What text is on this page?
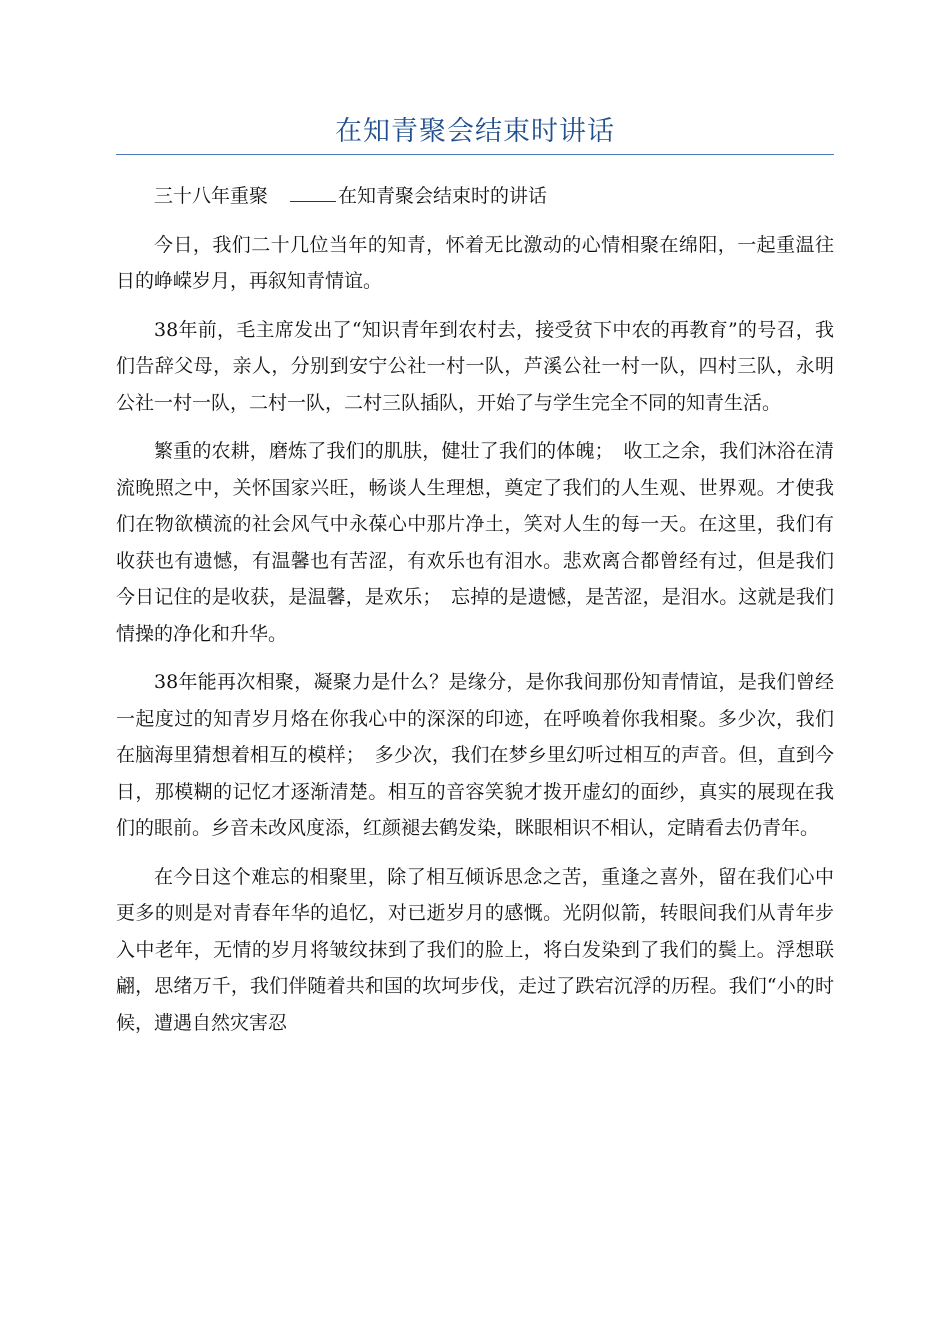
在知青聚会结束时讲话
三十八年重聚	在知青聚会结束时的讲话

今日，我们二十几位当年的知青，怀着无比激动的心情相聚在绵阳，一起重温往日的峥嵘岁月，再叙知青情谊。

38年前，毛主席发出了“知识青年到农村去，接受贫下中农的再教育”的号召，我们告辞父母，亲人，分别到安宁公社一村一队，芦溪公社一村一队，四村三队，永明公社一村一队，二村一队，二村三队插队，开始了与学生完全不同的知青生活。

繁重的农耕，磨炼了我们的肌肤，健壮了我们的体魄；　收工之余，我们沐浴在清流晚照之中，关怀国家兴旺，畅谈人生理想，奠定了我们的人生观、世界观。才使我们在物欲横流的社会风气中永葆心中那片净土，笑对人生的每一天。在这里，我们有收获也有遗憾，有温馨也有苦涩，有欢乐也有泪水。悲欢离合都曾经有过，但是我们今日记住的是收获，是温馨，是欢乐；　忘掉的是遗憾，是苦涩，是泪水。这就是我们情操的净化和升华。

38年能再次相聚，凝聚力是什么？是缘分，是你我间那份知青情谊，是我们曾经一起度过的知青岁月烙在你我心中的深深的印迹，在呼唤着你我相聚。多少次，我们在脑海里猜想着相互的模样；　多少次，我们在梦乡里幻听过相互的声音。但，直到今日，那模糊的记忆才逐渐清楚。相互的音容笑貌才拨开虚幻的面纱，真实的展现在我们的眼前。乡音未改风度添，红颜褪去鹤发染，眯眼相识不相认，定睛看去仍青年。

在今日这个难忘的相聚里，除了相互倾诉思念之苦，重逢之喜外，留在我们心中更多的则是对青春年华的追忆，对已逝岁月的感慨。光阴似箭，转眼间我们从青年步入中老年，无情的岁月将皱纹抹到了我们的脸上，将白发染到了我们的鬓上。浮想联翩，思绪万千，我们伴随着共和国的坎坷步伐，走过了跌宕沉浮的历程。我们“小的时候，遭遇自然灾害忍
